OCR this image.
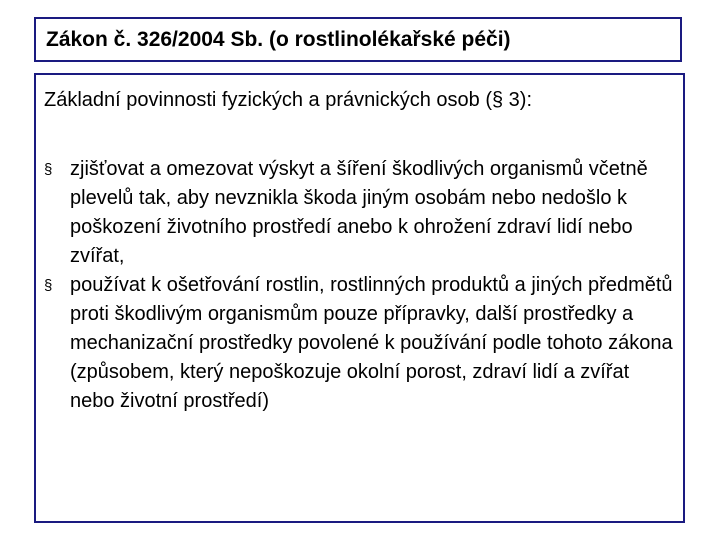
Zákon č. 326/2004 Sb. (o rostlinolékařské péči)

Základní povinnosti fyzických a právnických osob (§ 3):

§ zjišťovat a omezovat výskyt a šíření škodlivých organismů včetně plevelů tak, aby nevznikla škoda jiným osobám nebo nedošlo k poškození životního prostředí anebo k ohrožení zdraví lidí nebo zvířat,
§ používat k ošetřování rostlin, rostlinných produktů a jiných předmětů proti škodlivým organismům pouze přípravky, další prostředky a mechanizační prostředky povolené k používání podle tohoto zákona (způsobem, který nepoškozuje okolní porost, zdraví lidí a zvířat nebo životní prostředí)
